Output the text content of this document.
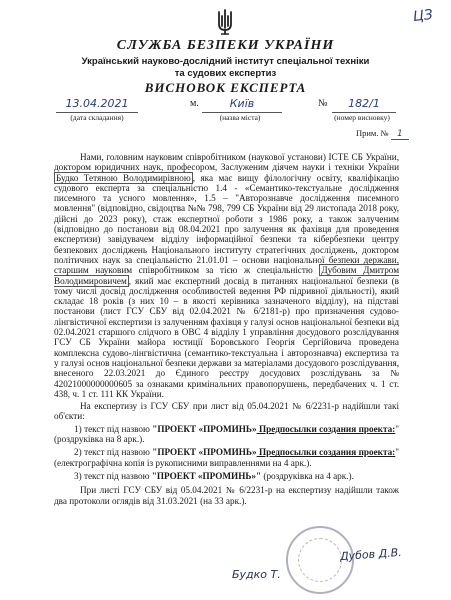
ЦЗ
СЛУЖБА БЕЗПЕКИ УКРАЇНИ
Український науково-дослідний інститут спеціальної техніки
та судових експертиз
ВИСНОВОК ЕКСПЕРТА
13.04.2021
(дата складання)
м.	Київ
(назва міста)
№	182/1
(номер висновку)
Прим. № 1

Нами, головним науковим співробітником (наукової установи) ІСТЕ СБ України, доктором юридичних наук, професором, Заслуженим діячем науки і техніки України Будко Тетяною Володимирівною , яка має вищу філологічну освіту, кваліфікацію судового експерта за спеціальністю 1.4 - «Семантико-текстуальне дослідження писемного та усного мовлення», 1.5 – "Авторознавче дослідження писемного мовлення" (відповідно, свідоцтва №№ 798, 799 СБ України від 29 листопада 2018 року, дійсні до 2023 року), стаж експертної роботи з 1986 року, а також залученим (відповідно до постанови від 08.04.2021 про залучення як фахівця для проведення експертизи) завідувачем відділу інформаційної безпеки та кібербезпеки центру безпекових досліджень Національного інституту стратегічних досліджень, доктором політичних наук за спеціальністю 21.01.01 – основи національної безпеки держави, старшим науковим співробітником за тією ж спеціальністю Дубовим Дмитром Володимировичем , який має експертний досвід в питаннях національної безпеки (в тому числі досвід дослідження особливостей ведення РФ підривної діяльності), який складає 18 років (з них 10 – в якості керівника зазначеного відділу), на підставі постанови (лист ГСУ СБУ від 02.04.2021 № 6/2181-р) про призначення судово-лінгвістичної експертизи із залученням фахівця у галузі основ національної безпеки від 02.04.2021 старшого слідчого в ОВС 4 відділу 1 управління досудового розслідування ГСУ СБ України майора юстиції Боровського Георгія Сергійовича проведена комплексна судово-лінгвістична (семантико-текстуальна і авторознавча) експертиза та у галузі основ національної безпеки держави за матеріалами досудового розслідування, внесеного 22.03.2021 до Єдиного реєстру досудових розслідувань за № 42021000000000605 за ознаками кримінальних правопорушень, передбачених ч. 1 ст. 438, ч. 1 ст. 111 КК України.

На експертизу із ГСУ СБУ при лист від 05.04.2021 № 6/2231-р надійшли такі об'єкти:

1) текст під назвою "ПРОЕКТ «ПРОМИНЬ» Предпосылки создания проекта:" (роздруківка на 8 арк.).
2) текст під назвою "ПРОЕКТ «ПРОМИНЬ» Предпосылки создания проекта:" (електрографічна копія із рукописними виправленнями на 4 арк.).
3) текст під назвою "ПРОЕКТ «ПРОМИНЬ»" (роздруківка на 4 арк.).

При листі ГСУ СБУ від 05.04.2021 № 6/2231-р на експертизу надійшли також два протоколи оглядів від 31.03.2021 (на 33 арк.).

Будко Т.
Дубов Д.В.
